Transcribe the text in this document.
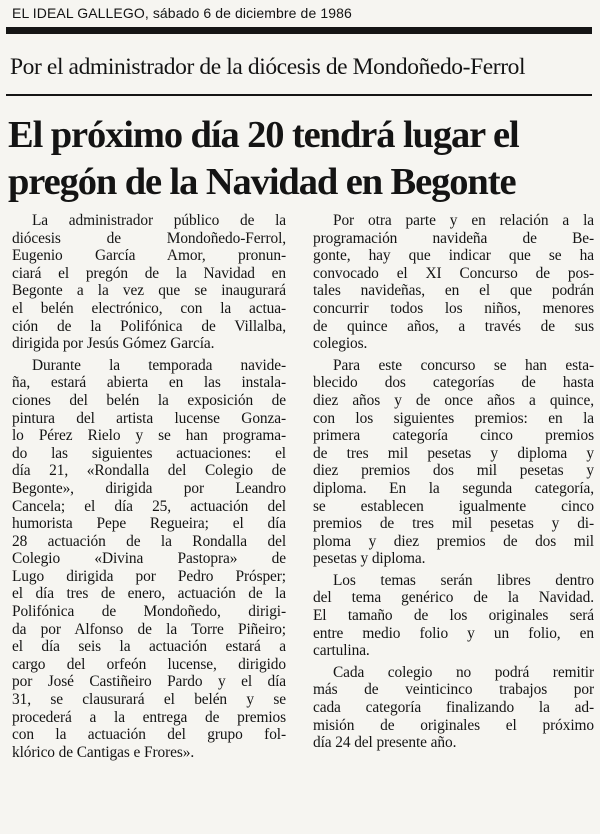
EL IDEAL GALLEGO, sábado 6 de diciembre de 1986
Por el administrador de la diócesis de Mondoñedo-Ferrol
El próximo día 20 tendrá lugar el
pregón de la Navidad en Begonte
La administrador público de la
diócesis de Mondoñedo-Ferrol,
Eugenio García Amor, pronun-
ciará el pregón de la Navidad en
Begonte a la vez que se inaugurará
el belén electrónico, con la actua-
ción de la Polifónica de Villalba,
dirigida por Jesús Gómez García.
Durante la temporada navide-
ña, estará abierta en las instala-
ciones del belén la exposición de
pintura del artista lucense Gonza-
lo Pérez Rielo y se han programa-
do las siguientes actuaciones: el
día 21, «Rondalla del Colegio de
Begonte», dirigida por Leandro
Cancela; el día 25, actuación del
humorista Pepe Regueira; el día
28 actuación de la Rondalla del
Colegio «Divina Pastopra» de
Lugo dirigida por Pedro Prósper;
el día tres de enero, actuación de la
Polifónica de Mondoñedo, dirigi-
da por Alfonso de la Torre Piñeiro;
el día seis la actuación estará a
cargo del orfeón lucense, dirigido
por José Castiñeiro Pardo y el día
31, se clausurará el belén y se
procederá a la entrega de premios
con la actuación del grupo fol-
klórico de Cantigas e Frores».
Por otra parte y en relación a la
programación navideña de Be-
gonte, hay que indicar que se ha
convocado el XI Concurso de pos-
tales navideñas, en el que podrán
concurrir todos los niños, menores
de quince años, a través de sus
colegios.
Para este concurso se han esta-
blecido dos categorías de hasta
diez años y de once años a quince,
con los siguientes premios: en la
primera categoría cinco premios
de tres mil pesetas y diploma y
diez premios dos mil pesetas y
diploma. En la segunda categoría,
se establecen igualmente cinco
premios de tres mil pesetas y di-
ploma y diez premios de dos mil
pesetas y diploma.
Los temas serán libres dentro
del tema genérico de la Navidad.
El tamaño de los originales será
entre medio folio y un folio, en
cartulina.
Cada colegio no podrá remitir
más de veinticinco trabajos por
cada categoría finalizando la ad-
misión de originales el próximo
día 24 del presente año.
